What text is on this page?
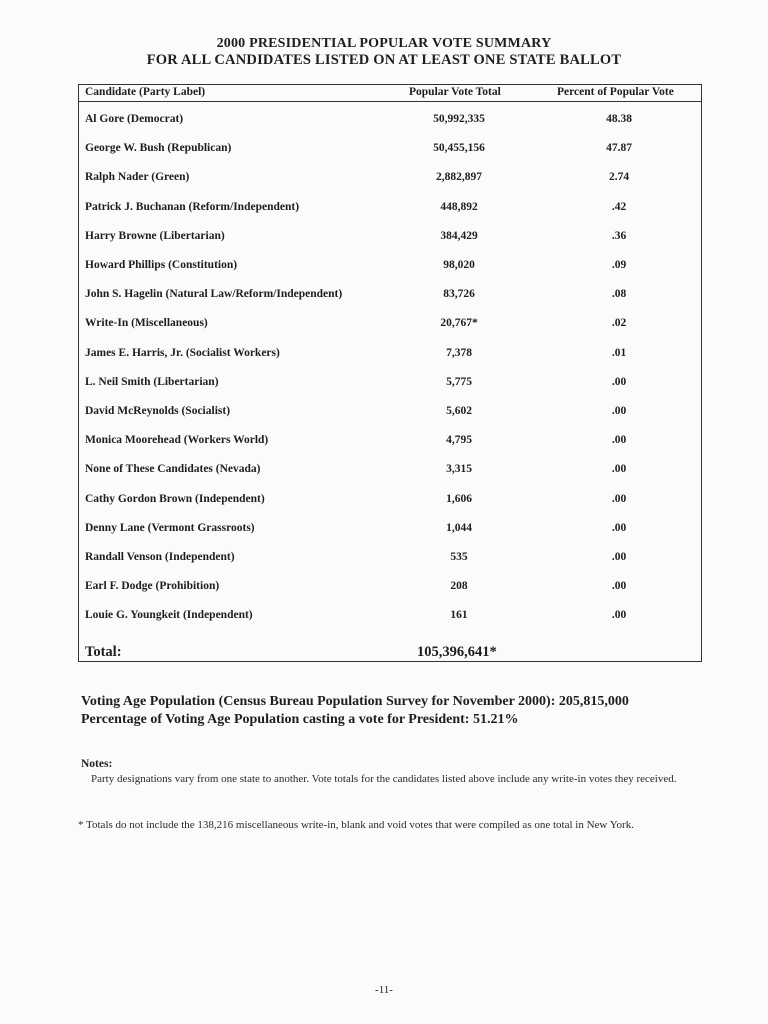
2000 PRESIDENTIAL POPULAR VOTE SUMMARY
FOR ALL CANDIDATES LISTED ON AT LEAST ONE STATE BALLOT
Candidate (Party Label)	Popular Vote Total	Percent of Popular Vote
Al Gore (Democrat)	50,992,335	48.38
George W. Bush (Republican)	50,455,156	47.87
Ralph Nader (Green)	2,882,897	2.74
Patrick J. Buchanan (Reform/Independent)	448,892	.42
Harry Browne (Libertarian)	384,429	.36
Howard Phillips (Constitution)	98,020	.09
John S. Hagelin (Natural Law/Reform/Independent)	83,726	.08
Write-In (Miscellaneous)	20,767*	.02
James E. Harris, Jr. (Socialist Workers)	7,378	.01
L. Neil Smith (Libertarian)	5,775	.00
David McReynolds (Socialist)	5,602	.00
Monica Moorehead (Workers World)	4,795	.00
None of These Candidates (Nevada)	3,315	.00
Cathy Gordon Brown (Independent)	1,606	.00
Denny Lane (Vermont Grassroots)	1,044	.00
Randall Venson (Independent)	535	.00
Earl F. Dodge (Prohibition)	208	.00
Louie G. Youngkeit (Independent)	161	.00
Total:	105,396,641*
Voting Age Population (Census Bureau Population Survey for November 2000): 205,815,000
Percentage of Voting Age Population casting a vote for President: 51.21%
Notes:
Party designations vary from one state to another. Vote totals for the candidates listed above include any write-in votes they received.
* Totals do not include the 138,216 miscellaneous write-in, blank and void votes that were compiled as one total in New York.
-11-
